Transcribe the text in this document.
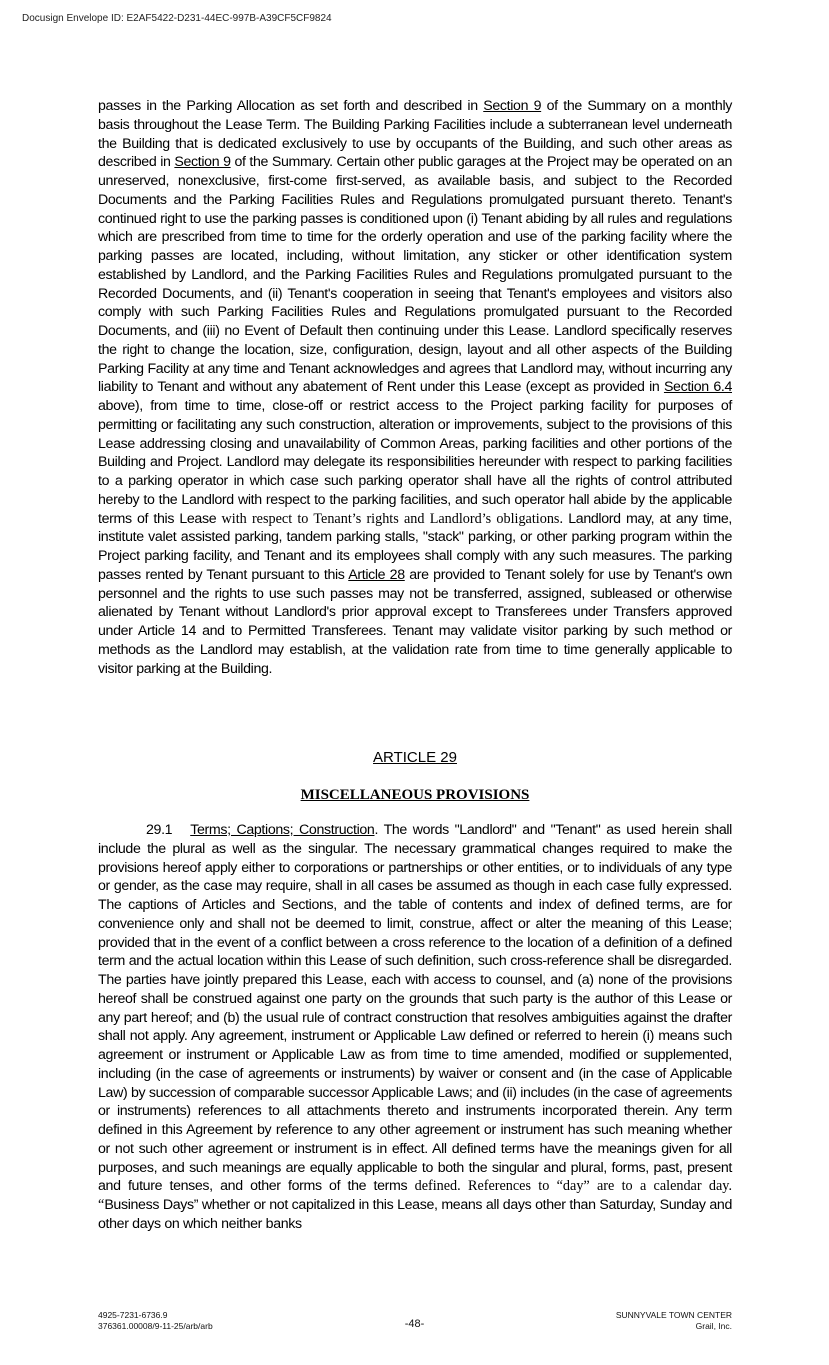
Docusign Envelope ID: E2AF5422-D231-44EC-997B-A39CF5CF9824
passes in the Parking Allocation as set forth and described in Section 9 of the Summary on a monthly basis throughout the Lease Term. The Building Parking Facilities include a subterranean level underneath the Building that is dedicated exclusively to use by occupants of the Building, and such other areas as described in Section 9 of the Summary. Certain other public garages at the Project may be operated on an unreserved, nonexclusive, first-come first-served, as available basis, and subject to the Recorded Documents and the Parking Facilities Rules and Regulations promulgated pursuant thereto. Tenant's continued right to use the parking passes is conditioned upon (i) Tenant abiding by all rules and regulations which are prescribed from time to time for the orderly operation and use of the parking facility where the parking passes are located, including, without limitation, any sticker or other identification system established by Landlord, and the Parking Facilities Rules and Regulations promulgated pursuant to the Recorded Documents, and (ii) Tenant's cooperation in seeing that Tenant's employees and visitors also comply with such Parking Facilities Rules and Regulations promulgated pursuant to the Recorded Documents, and (iii) no Event of Default then continuing under this Lease. Landlord specifically reserves the right to change the location, size, configuration, design, layout and all other aspects of the Building Parking Facility at any time and Tenant acknowledges and agrees that Landlord may, without incurring any liability to Tenant and without any abatement of Rent under this Lease (except as provided in Section 6.4 above), from time to time, close-off or restrict access to the Project parking facility for purposes of permitting or facilitating any such construction, alteration or improvements, subject to the provisions of this Lease addressing closing and unavailability of Common Areas, parking facilities and other portions of the Building and Project. Landlord may delegate its responsibilities hereunder with respect to parking facilities to a parking operator in which case such parking operator shall have all the rights of control attributed hereby to the Landlord with respect to the parking facilities, and such operator hall abide by the applicable terms of this Lease with respect to Tenant’s rights and Landlord’s obligations. Landlord may, at any time, institute valet assisted parking, tandem parking stalls, "stack" parking, or other parking program within the Project parking facility, and Tenant and its employees shall comply with any such measures. The parking passes rented by Tenant pursuant to this Article 28 are provided to Tenant solely for use by Tenant's own personnel and the rights to use such passes may not be transferred, assigned, subleased or otherwise alienated by Tenant without Landlord's prior approval except to Transferees under Transfers approved under Article 14 and to Permitted Transferees. Tenant may validate visitor parking by such method or methods as the Landlord may establish, at the validation rate from time to time generally applicable to visitor parking at the Building.
ARTICLE 29
MISCELLANEOUS PROVISIONS
29.1 Terms; Captions; Construction. The words "Landlord" and "Tenant" as used herein shall include the plural as well as the singular. The necessary grammatical changes required to make the provisions hereof apply either to corporations or partnerships or other entities, or to individuals of any type or gender, as the case may require, shall in all cases be assumed as though in each case fully expressed. The captions of Articles and Sections, and the table of contents and index of defined terms, are for convenience only and shall not be deemed to limit, construe, affect or alter the meaning of this Lease; provided that in the event of a conflict between a cross reference to the location of a definition of a defined term and the actual location within this Lease of such definition, such cross-reference shall be disregarded. The parties have jointly prepared this Lease, each with access to counsel, and (a) none of the provisions hereof shall be construed against one party on the grounds that such party is the author of this Lease or any part hereof; and (b) the usual rule of contract construction that resolves ambiguities against the drafter shall not apply. Any agreement, instrument or Applicable Law defined or referred to herein (i) means such agreement or instrument or Applicable Law as from time to time amended, modified or supplemented, including (in the case of agreements or instruments) by waiver or consent and (in the case of Applicable Law) by succession of comparable successor Applicable Laws; and (ii) includes (in the case of agreements or instruments) references to all attachments thereto and instruments incorporated therein. Any term defined in this Agreement by reference to any other agreement or instrument has such meaning whether or not such other agreement or instrument is in effect. All defined terms have the meanings given for all purposes, and such meanings are equally applicable to both the singular and plural, forms, past, present and future tenses, and other forms of the terms defined. References to “day” are to a calendar day. “Business Days” whether or not capitalized in this Lease, means all days other than Saturday, Sunday and other days on which neither banks
4925-7231-6736.9
376361.00008/9-11-25/arb/arb	-48-
SUNNYVALE TOWN CENTER
Grail, Inc.
